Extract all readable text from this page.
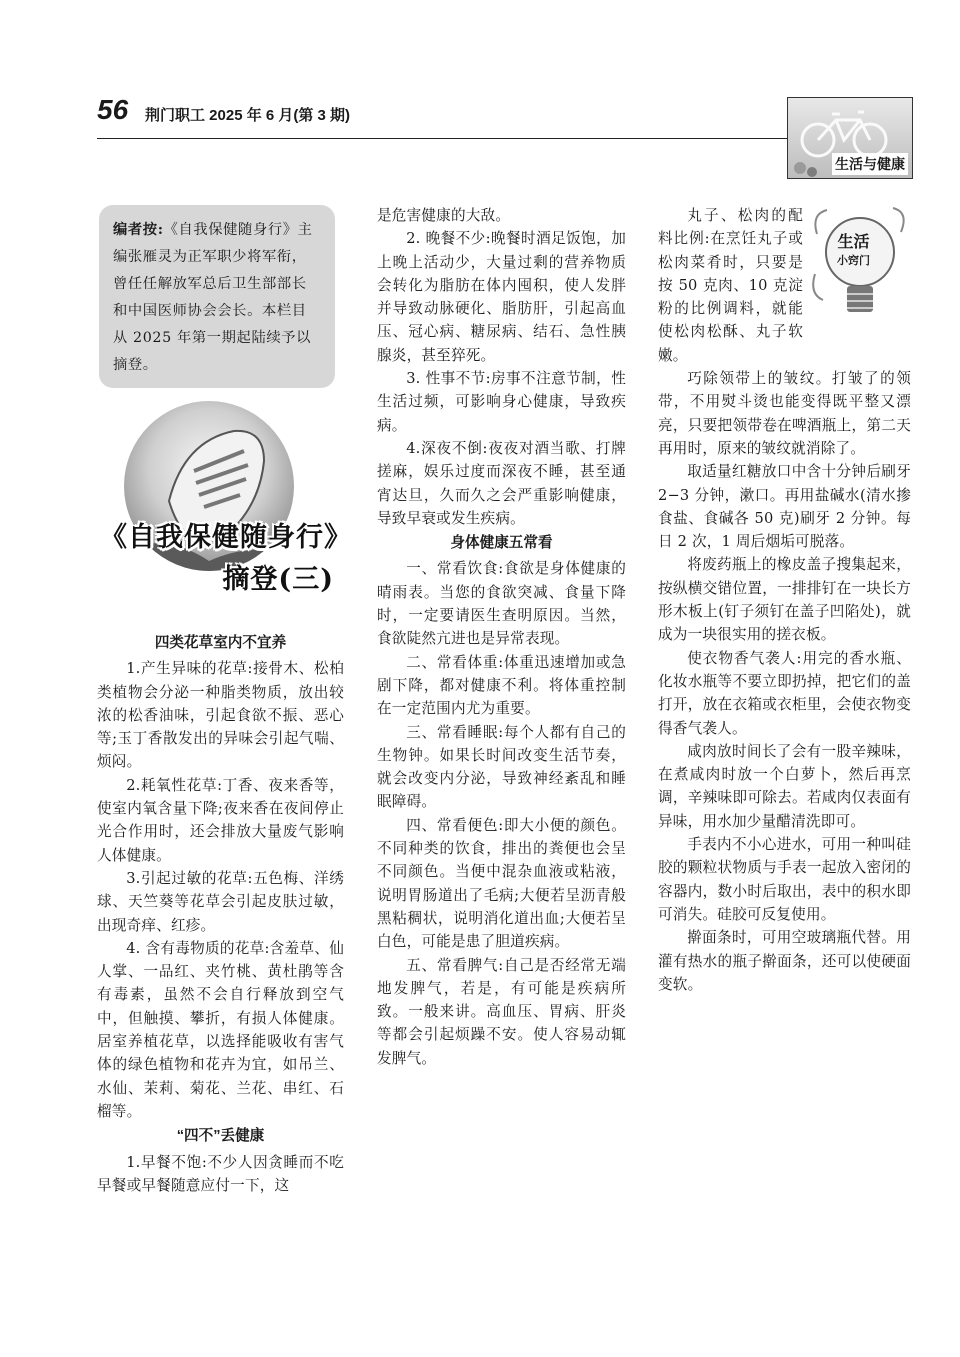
56 荆门职工 2025 年 6 月(第 3 期)
生活与健康

编者按:《自我保健随身行》主编张雁灵为正军职少将军衔，曾任任解放军总后卫生部部长和中国医师协会会长。本栏目从 2025 年第一期起陆续予以摘登。

《自我保健随身行》
摘登(三)
四类花草室内不宜养

1.产生异味的花草:接骨木、松柏类植物会分泌一种脂类物质，放出较浓的松香油味，引起食欲不振、恶心等;玉丁香散发出的异味会引起气喘、烦闷。

2.耗氧性花草:丁香、夜来香等，使室内氧含量下降;夜来香在夜间停止光合作用时，还会排放大量废气影响人体健康。

3.引起过敏的花草:五色梅、洋绣球、天竺葵等花草会引起皮肤过敏，出现奇痒、红疹。

4. 含有毒物质的花草:含羞草、仙人掌、一品红、夹竹桃、黄杜鹃等含有毒素，虽然不会自行释放到空气中，但触摸、攀折，有损人体健康。居室养植花草，以选择能吸收有害气体的绿色植物和花卉为宜，如吊兰、水仙、茉莉、菊花、兰花、串红、石榴等。

“四不”丢健康

1.早餐不饱:不少人因贪睡而不吃早餐或早餐随意应付一下，这

是危害健康的大敌。

2. 晚餐不少:晚餐时酒足饭饱，加上晚上活动少，大量过剩的营养物质会转化为脂肪在体内囤积，使人发胖并导致动脉硬化、脂肪肝，引起高血压、冠心病、糖尿病、结石、急性胰腺炎，甚至猝死。

3. 性事不节:房事不注意节制，性生活过频，可影响身心健康，导致疾病。

4.深夜不倒:夜夜对酒当歌、打牌搓麻，娱乐过度而深夜不睡，甚至通宵达旦，久而久之会严重影响健康，导致早衰或发生疾病。

身体健康五常看

一、常看饮食:食欲是身体健康的晴雨表。当您的食欲突减、食量下降时，一定要请医生查明原因。当然，食欲陡然亢进也是异常表现。

二、常看体重:体重迅速增加或急剧下降，都对健康不利。将体重控制在一定范围内尤为重要。

三、常看睡眠:每个人都有自己的生物钟。如果长时间改变生活节奏，就会改变内分泌，导致神经紊乱和睡眠障碍。

四、常看便色:即大小便的颜色。不同种类的饮食，排出的粪便也会呈不同颜色。当便中混杂血液或粘液，说明胃肠道出了毛病;大便若呈沥青般黑粘稠状，说明消化道出血;大便若呈白色，可能是患了胆道疾病。

五、常看脾气:自己是否经常无端地发脾气，若是，有可能是疾病所致。一般来讲。高血压、胃病、肝炎等都会引起烦躁不安。使人容易动辄发脾气。

生活
小窍门

丸子、松肉的配料比例:在烹饪丸子或松肉菜肴时，只要是按 50 克肉、10 克淀粉的比例调料，就能使松肉松酥、丸子软嫩。

巧除领带上的皱纹。打皱了的领带，不用熨斗烫也能变得既平整又漂亮，只要把领带卷在啤酒瓶上，第二天再用时，原来的皱纹就消除了。

取适量红糖放口中含十分钟后刷牙 2−3 分钟，漱口。再用盐碱水(清水掺食盐、食碱各 50 克)刷牙 2 分钟。每日 2 次，1 周后烟垢可脱落。

将废药瓶上的橡皮盖子搜集起来，按纵横交错位置，一排排钉在一块长方形木板上(钉子须钉在盖子凹陷处)，就成为一块很实用的搓衣板。

使衣物香气袭人:用完的香水瓶、化妆水瓶等不要立即扔掉，把它们的盖打开，放在衣箱或衣柜里，会使衣物变得香气袭人。

咸肉放时间长了会有一股辛辣味，在煮咸肉时放一个白萝卜，然后再烹调，辛辣味即可除去。若咸肉仅表面有异味，用水加少量醋清洗即可。

手表内不小心进水，可用一种叫硅胶的颗粒状物质与手表一起放入密闭的容器内，数小时后取出，表中的积水即可消失。硅胶可反复使用。

擀面条时，可用空玻璃瓶代替。用灌有热水的瓶子擀面条，还可以使硬面变软。
